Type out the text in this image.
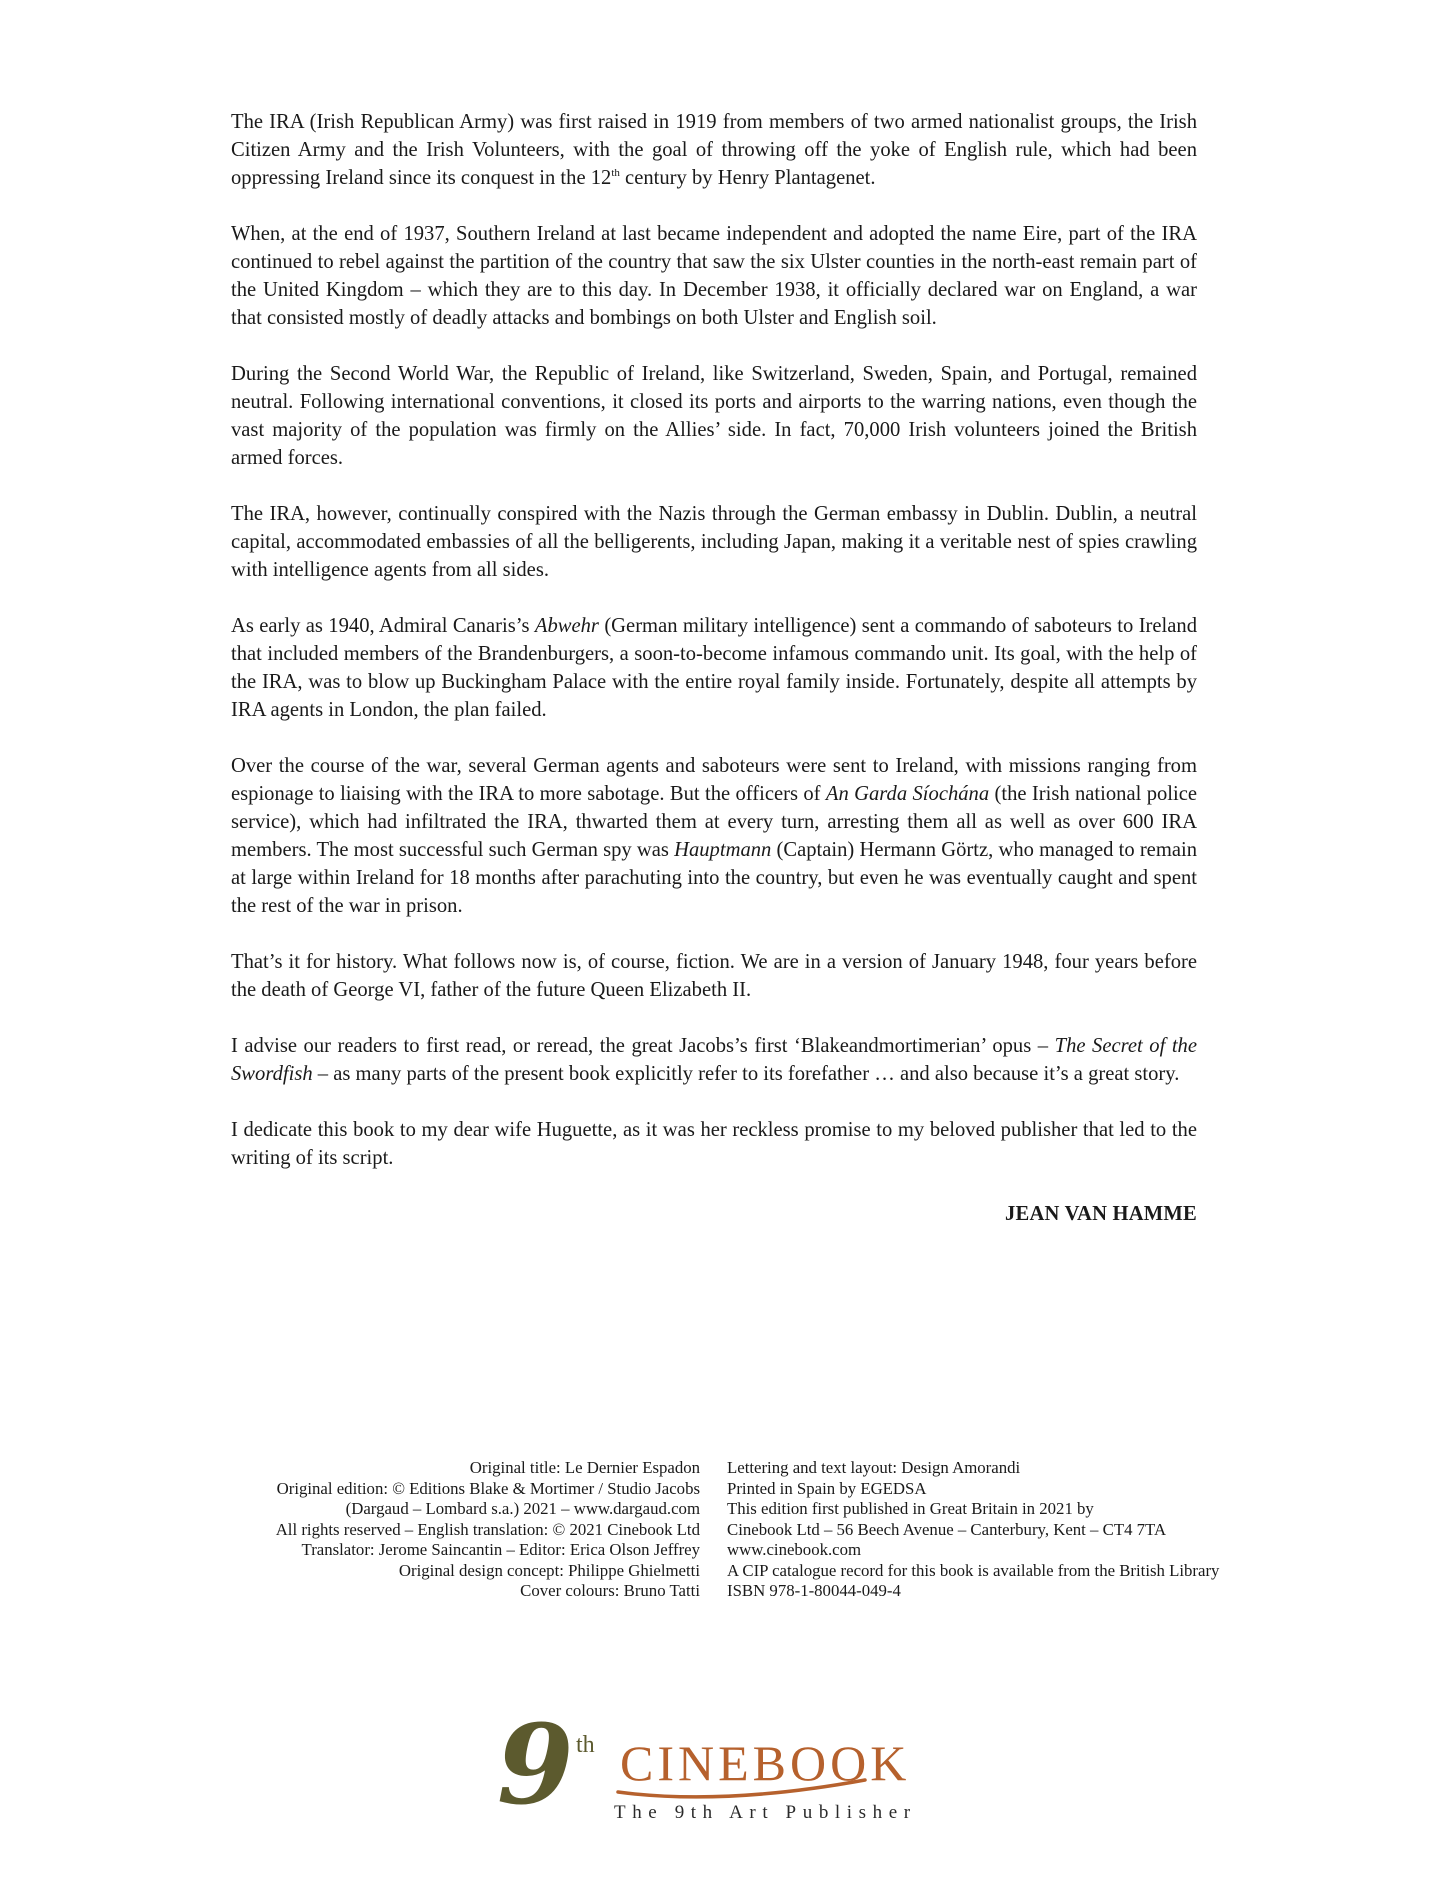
The IRA (Irish Republican Army) was first raised in 1919 from members of two armed nationalist groups, the Irish Citizen Army and the Irish Volunteers, with the goal of throwing off the yoke of English rule, which had been oppressing Ireland since its conquest in the 12th century by Henry Plantagenet.

When, at the end of 1937, Southern Ireland at last became independent and adopted the name Eire, part of the IRA continued to rebel against the partition of the country that saw the six Ulster counties in the north-east remain part of the United Kingdom – which they are to this day. In December 1938, it officially declared war on England, a war that consisted mostly of deadly attacks and bombings on both Ulster and English soil.

During the Second World War, the Republic of Ireland, like Switzerland, Sweden, Spain, and Portugal, remained neutral. Following international conventions, it closed its ports and airports to the warring nations, even though the vast majority of the population was firmly on the Allies’ side. In fact, 70,000 Irish volunteers joined the British armed forces.

The IRA, however, continually conspired with the Nazis through the German embassy in Dublin. Dublin, a neutral capital, accommodated embassies of all the belligerents, including Japan, making it a veritable nest of spies crawling with intelligence agents from all sides.

As early as 1940, Admiral Canaris’s Abwehr (German military intelligence) sent a commando of saboteurs to Ireland that included members of the Brandenburgers, a soon-to-become infamous commando unit. Its goal, with the help of the IRA, was to blow up Buckingham Palace with the entire royal family inside. Fortunately, despite all attempts by IRA agents in London, the plan failed.

Over the course of the war, several German agents and saboteurs were sent to Ireland, with missions ranging from espionage to liaising with the IRA to more sabotage. But the officers of An Garda Síochána (the Irish national police service), which had infiltrated the IRA, thwarted them at every turn, arresting them all as well as over 600 IRA members. The most successful such German spy was Hauptmann (Captain) Hermann Görtz, who managed to remain at large within Ireland for 18 months after parachuting into the country, but even he was eventually caught and spent the rest of the war in prison.

That’s it for history. What follows now is, of course, fiction. We are in a version of January 1948, four years before the death of George VI, father of the future Queen Elizabeth II.

I advise our readers to first read, or reread, the great Jacobs’s first ‘Blakeandmortimerian’ opus – The Secret of the Swordfish – as many parts of the present book explicitly refer to its forefather … and also because it’s a great story.

I dedicate this book to my dear wife Huguette, as it was her reckless promise to my beloved publisher that led to the writing of its script.

JEAN VAN HAMME

Original title: Le Dernier Espadon
Original edition: © Editions Blake & Mortimer / Studio Jacobs
(Dargaud – Lombard s.a.) 2021 – www.dargaud.com
All rights reserved – English translation: © 2021 Cinebook Ltd
Translator: Jerome Saincantin – Editor: Erica Olson Jeffrey
Original design concept: Philippe Ghielmetti
Cover colours: Bruno Tatti
Lettering and text layout: Design Amorandi
Printed in Spain by EGEDSA
This edition first published in Great Britain in 2021 by
Cinebook Ltd – 56 Beech Avenue – Canterbury, Kent – CT4 7TA
www.cinebook.com
A CIP catalogue record for this book is available from the British Library
ISBN 978-1-80044-049-4
9 th CINEBOOK
The 9th Art Publisher
